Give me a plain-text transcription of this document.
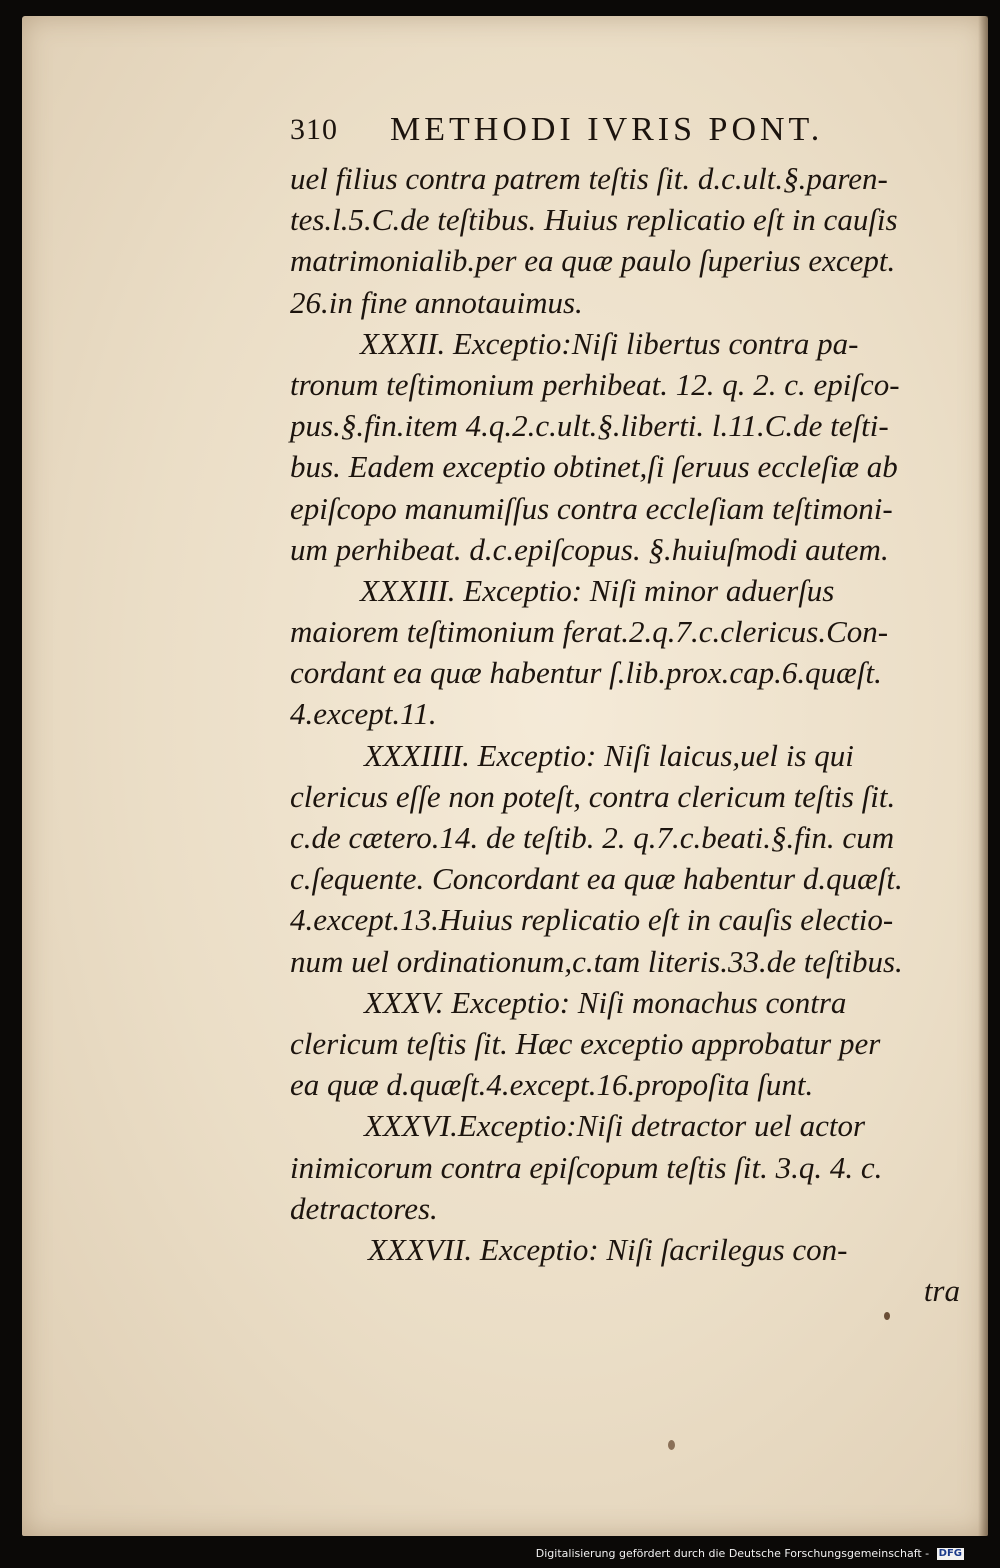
310 METHODI IVRIS PONT.
uel filius contra patrem teſtis ſit. d.c.ult.§.paren-
tes.l.5.C.de teſtibus. Huius replicatio eſt in cauſis
matrimonialib.per ea quæ paulo ſuperius except.
26.in fine annotauimus.
XXXII. Exceptio:Niſi libertus contra pa-
tronum teſtimonium perhibeat. 12. q. 2. c. epiſco-
pus.§.fin.item 4.q.2.c.ult.§.liberti. l.11.C.de teſti-
bus. Eadem exceptio obtinet,ſi ſeruus eccleſiæ ab
epiſcopo manumiſſus contra eccleſiam teſtimoni-
um perhibeat. d.c.epiſcopus. §.huiuſmodi autem.
XXXIII. Exceptio: Niſi minor aduerſus
maiorem teſtimonium ferat.2.q.7.c.clericus.Con-
cordant ea quæ habentur ſ.lib.prox.cap.6.quæſt.
4.except.11.
XXXIIII. Exceptio: Niſi laicus,uel is qui
clericus eſſe non poteſt, contra clericum teſtis ſit.
c.de cætero.14. de teſtib. 2. q.7.c.beati.§.fin. cum
c.ſequente. Concordant ea quæ habentur d.quæſt.
4.except.13.Huius replicatio eſt in cauſis electio-
num uel ordinationum,c.tam literis.33.de teſtibus.
XXXV. Exceptio: Niſi monachus contra
clericum teſtis ſit. Hæc exceptio approbatur per
ea quæ d.quæſt.4.except.16.propoſita ſunt.
XXXVI.Exceptio:Niſi detractor uel actor
inimicorum contra epiſcopum teſtis ſit. 3.q. 4. c.
detractores.
XXXVII. Exceptio: Niſi ſacrilegus con-
tra
Digitalisierung gefördert durch die Deutsche Forschungsgemeinschaft - DFG
